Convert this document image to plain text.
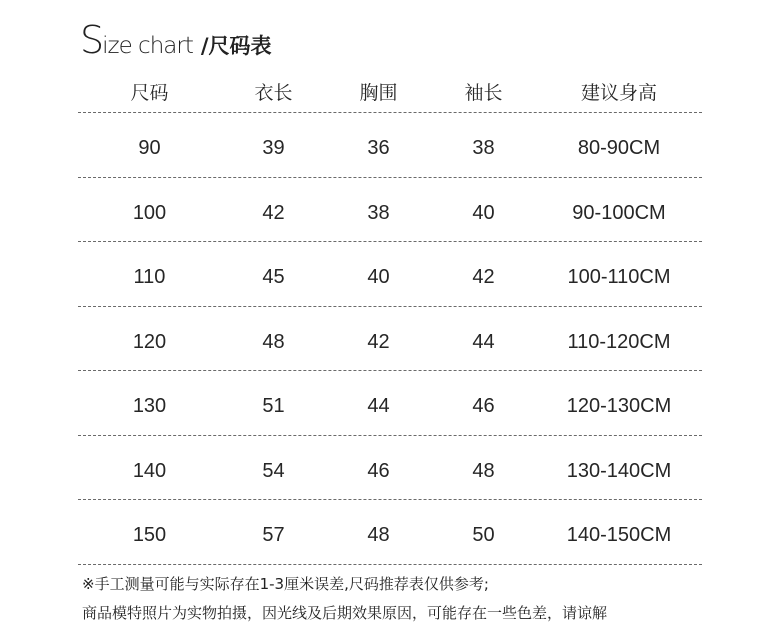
S ize chart /尺码表
尺码	衣长	胸围	袖长	建议身高
90	39	36	38	80-90CM
100	42	38	40	90-100CM
110	45	40	42	100-110CM
120	48	42	44	110-120CM
130	51	44	46	120-130CM
140	54	46	48	130-140CM
150	57	48	50	140-150CM
※手工测量可能与实际存在1-3厘米误差,尺码推荐表仅供参考;
商品模特照片为实物拍摄，因光线及后期效果原因，可能存在一些色差，请谅解
